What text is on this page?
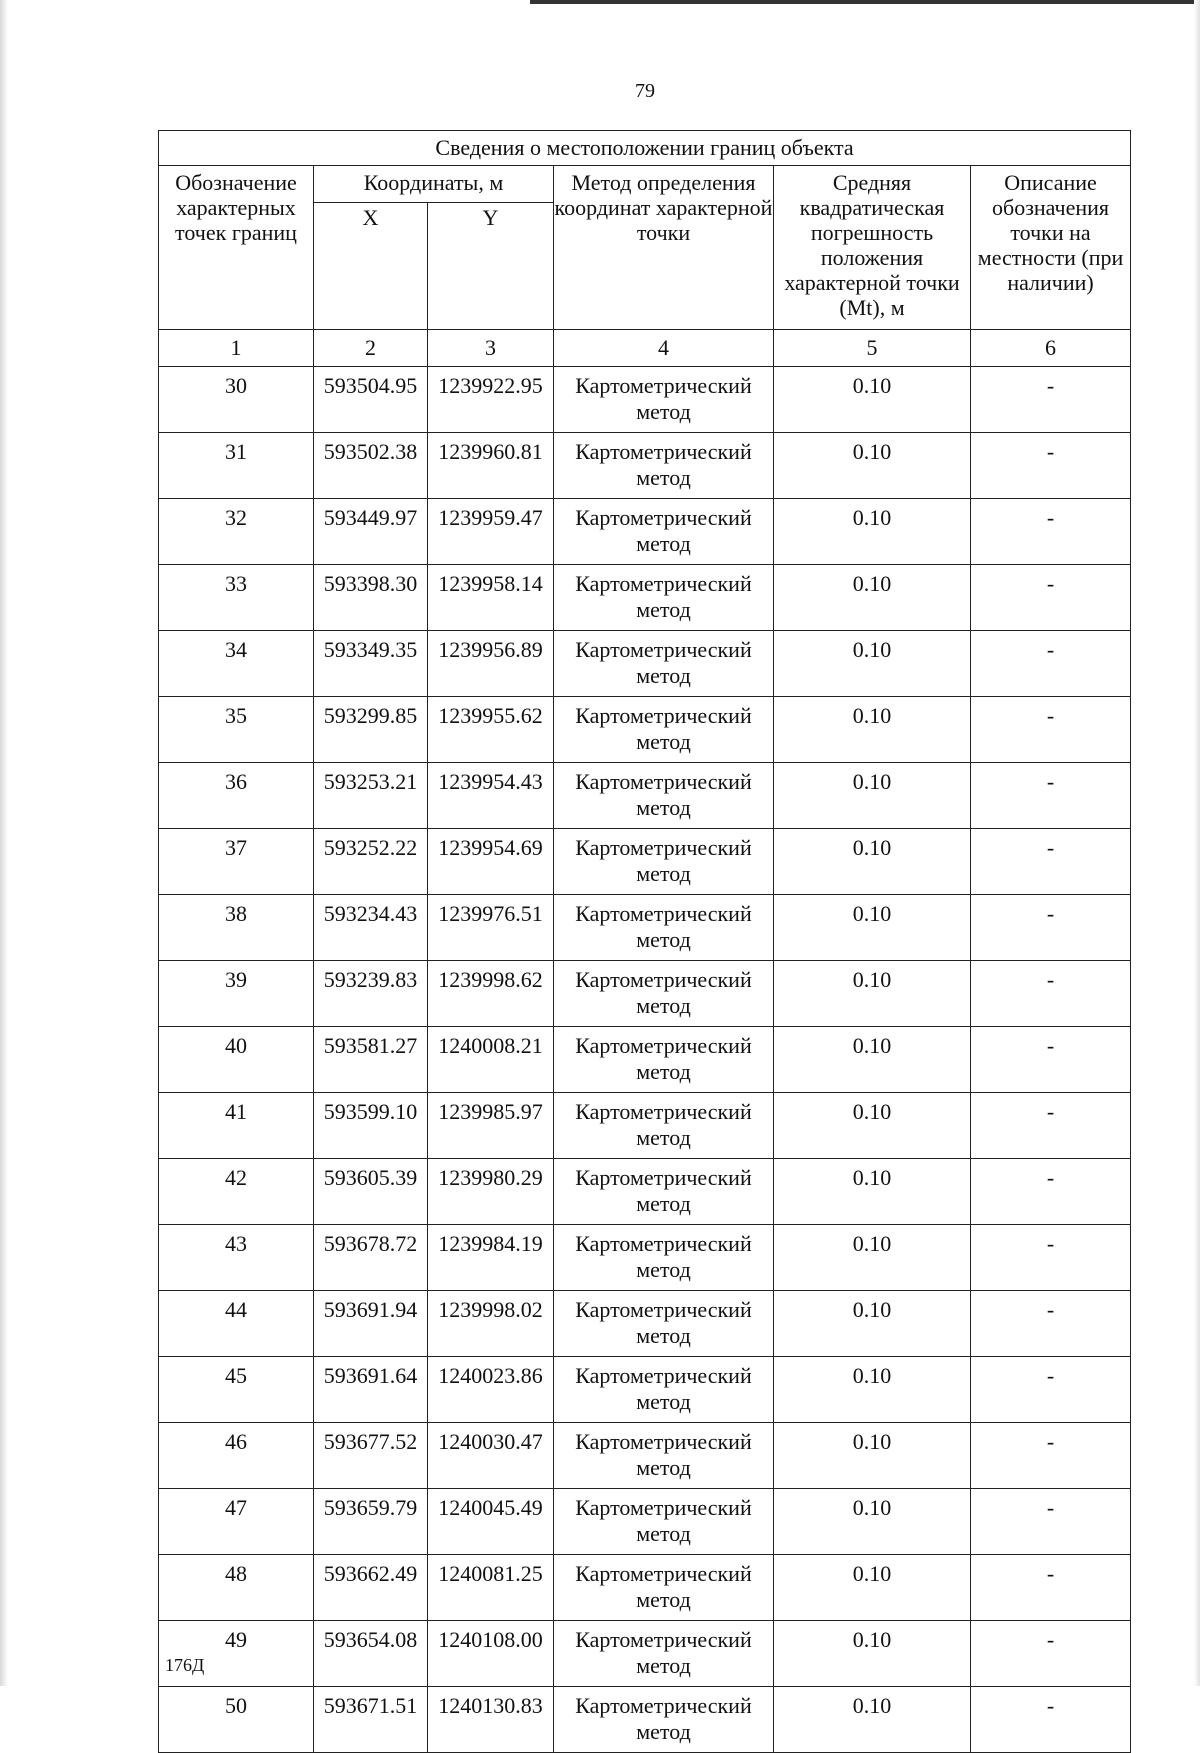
79
Сведения о местоположении границ объекта					
Обозначение характерных точек границ	Координаты, м		Метод определения координат характерной точки	Средняя квадратическая погрешность положения характерной точки (Mt), м	Описание обозначения точки на местности (при наличии)
	X	Y			
1	2	3	4	5	6
30	593504.95	1239922.95	Картометрический метод	0.10	-
31	593502.38	1239960.81	Картометрический метод	0.10	-
32	593449.97	1239959.47	Картометрический метод	0.10	-
33	593398.30	1239958.14	Картометрический метод	0.10	-
34	593349.35	1239956.89	Картометрический метод	0.10	-
35	593299.85	1239955.62	Картометрический метод	0.10	-
36	593253.21	1239954.43	Картометрический метод	0.10	-
37	593252.22	1239954.69	Картометрический метод	0.10	-
38	593234.43	1239976.51	Картометрический метод	0.10	-
39	593239.83	1239998.62	Картометрический метод	0.10	-
40	593581.27	1240008.21	Картометрический метод	0.10	-
41	593599.10	1239985.97	Картометрический метод	0.10	-
42	593605.39	1239980.29	Картометрический метод	0.10	-
43	593678.72	1239984.19	Картометрический метод	0.10	-
44	593691.94	1239998.02	Картометрический метод	0.10	-
45	593691.64	1240023.86	Картометрический метод	0.10	-
46	593677.52	1240030.47	Картометрический метод	0.10	-
47	593659.79	1240045.49	Картометрический метод	0.10	-
48	593662.49	1240081.25	Картометрический метод	0.10	-
49	593654.08	1240108.00	Картометрический метод	0.10	-
50	593671.51	1240130.83	Картометрический метод	0.10	-
176Д
